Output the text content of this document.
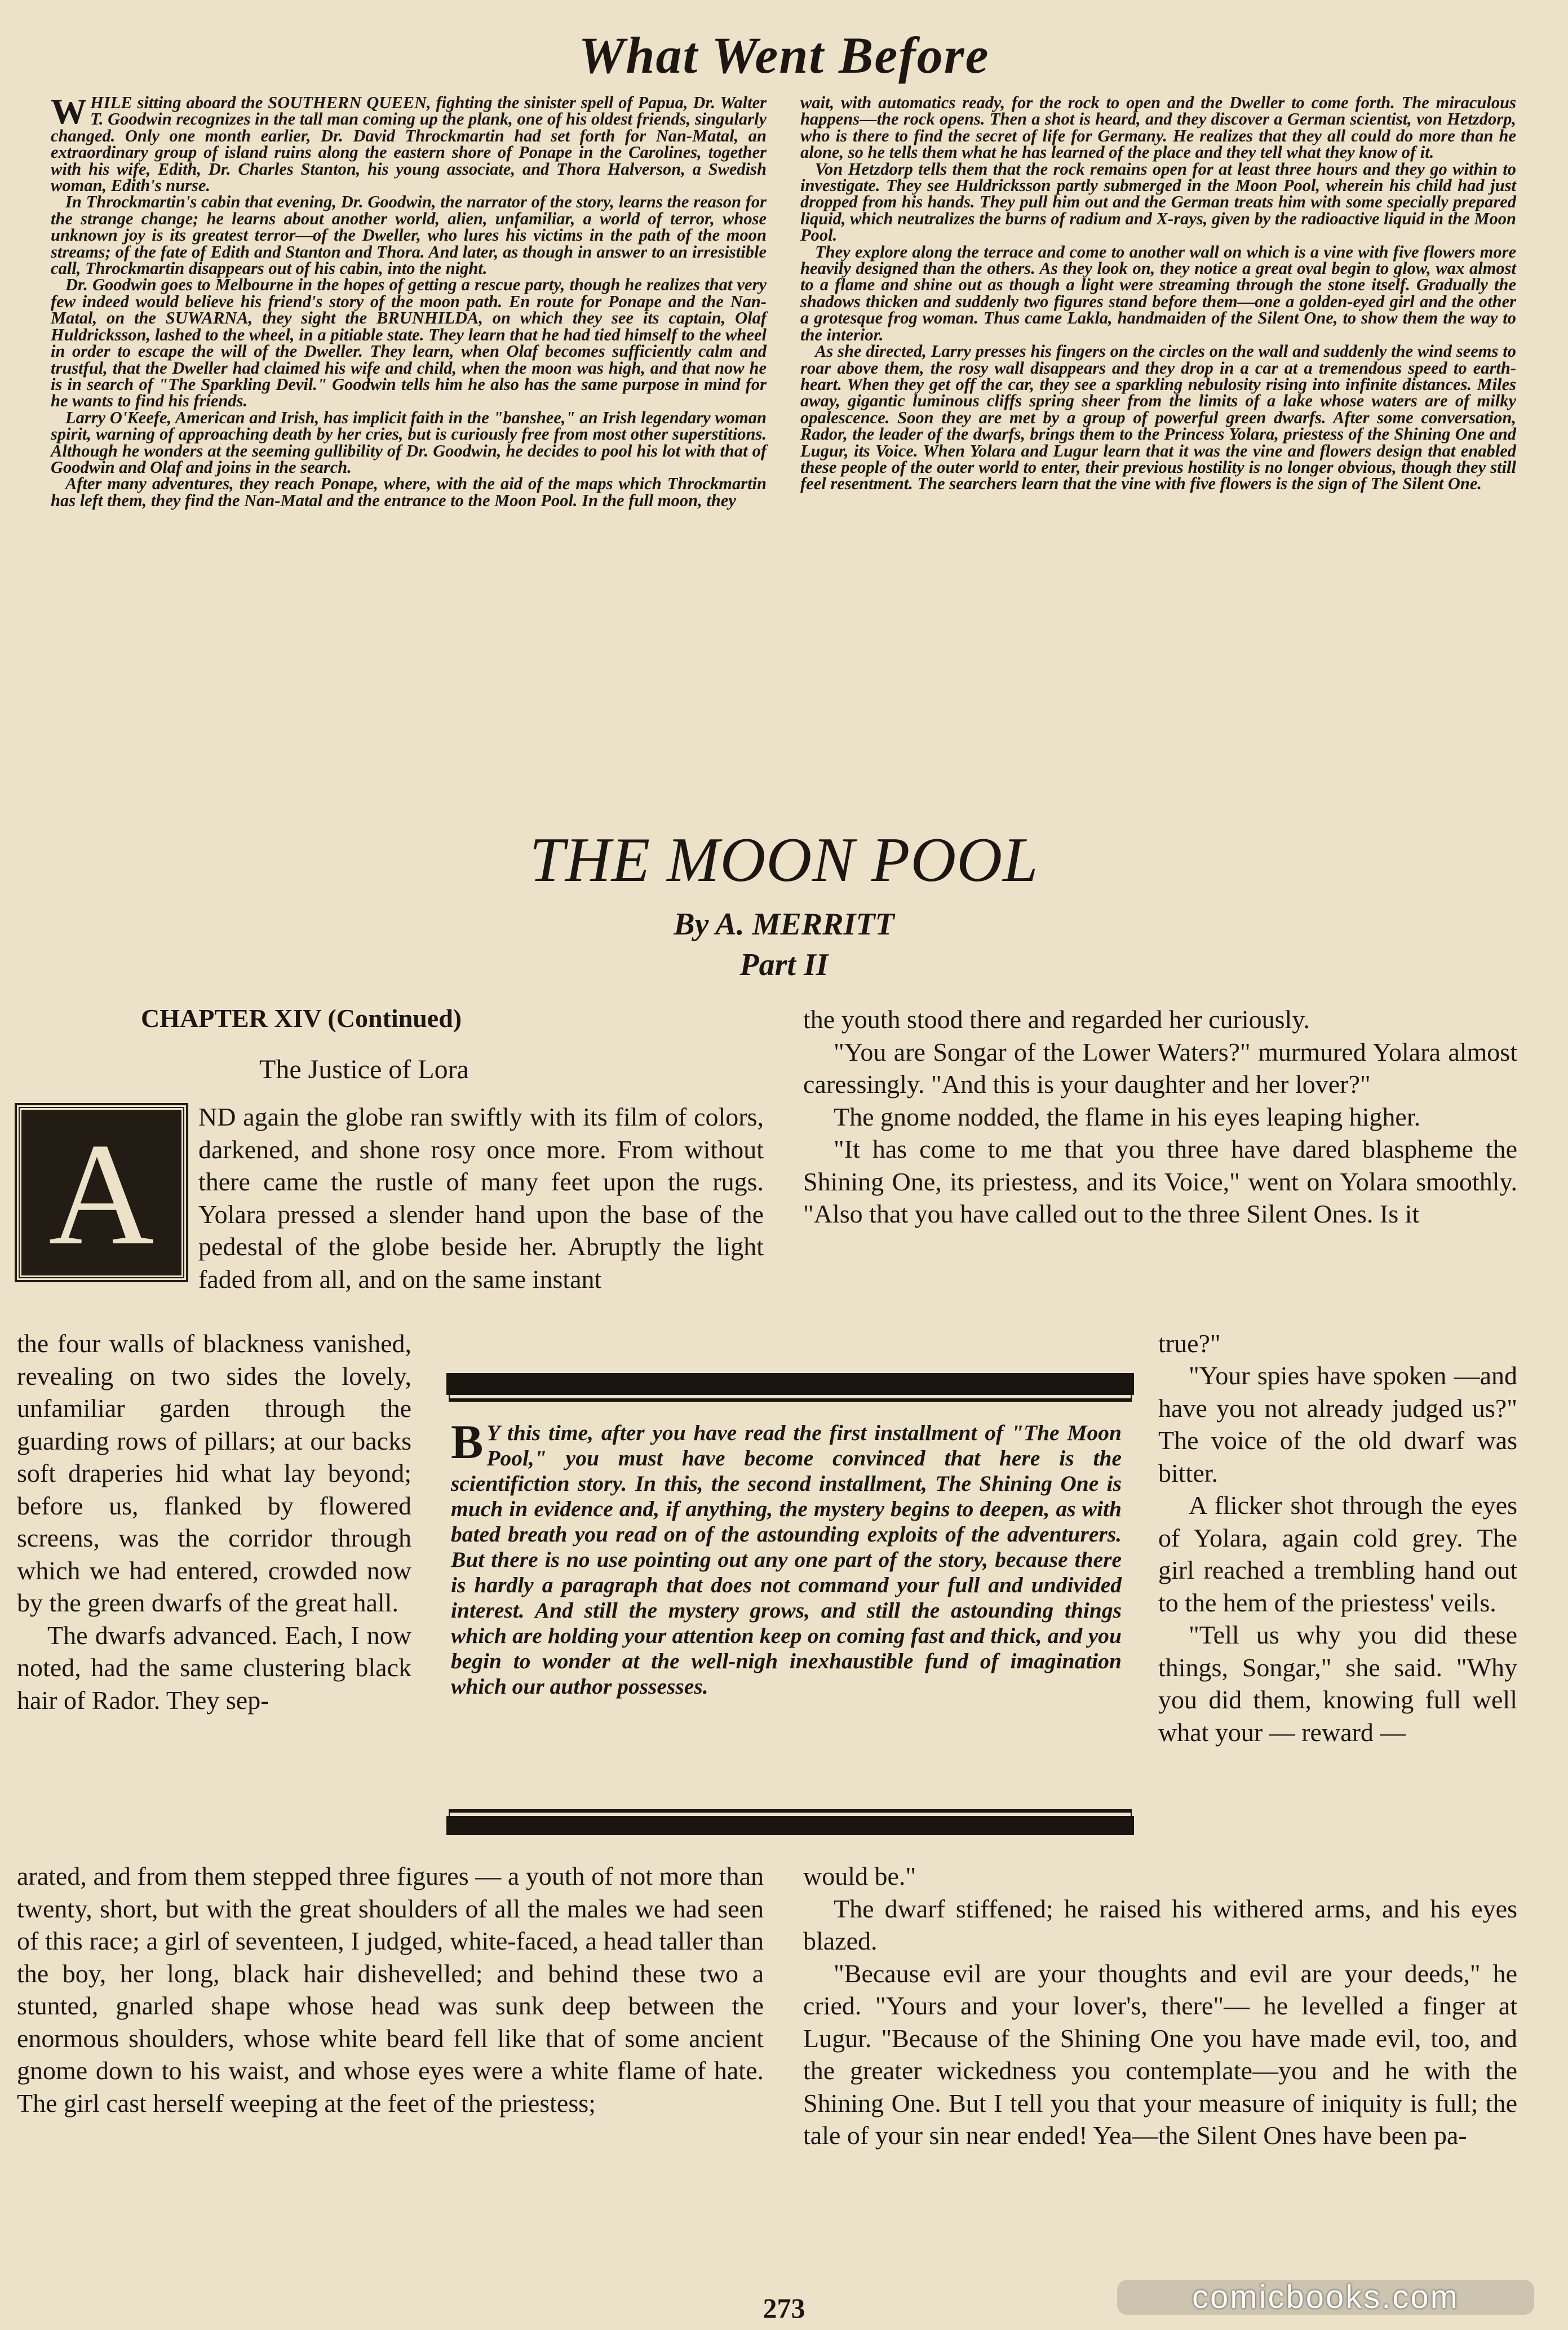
What Went Before

WHILE sitting aboard the SOUTHERN QUEEN, fighting the sinister spell of Papua, Dr. Walter T. Goodwin recognizes in the tall man coming up the plank, one of his oldest friends, singularly changed. Only one month earlier, Dr. David Throckmartin had set forth for Nan-Matal, an extraordinary group of island ruins along the eastern shore of Ponape in the Carolines, together with his wife, Edith, Dr. Charles Stanton, his young associate, and Thora Halverson, a Swedish woman, Edith's nurse.

In Throckmartin's cabin that evening, Dr. Goodwin, the narrator of the story, learns the reason for the strange change; he learns about another world, alien, unfamiliar, a world of terror, whose unknown joy is its greatest terror—of the Dweller, who lures his victims in the path of the moon streams; of the fate of Edith and Stanton and Thora. And later, as though in answer to an irresistible call, Throckmartin disappears out of his cabin, into the night.

Dr. Goodwin goes to Melbourne in the hopes of getting a rescue party, though he realizes that very few indeed would believe his friend's story of the moon path. En route for Ponape and the Nan-Matal, on the SUWARNA, they sight the BRUNHILDA, on which they see its captain, Olaf Huldricksson, lashed to the wheel, in a pitiable state. They learn that he had tied himself to the wheel in order to escape the will of the Dweller. They learn, when Olaf becomes sufficiently calm and trustful, that the Dweller had claimed his wife and child, when the moon was high, and that now he is in search of "The Sparkling Devil." Goodwin tells him he also has the same purpose in mind for he wants to find his friends.

Larry O'Keefe, American and Irish, has implicit faith in the "banshee," an Irish legendary woman spirit, warning of approaching death by her cries, but is curiously free from most other superstitions. Although he wonders at the seeming gullibility of Dr. Goodwin, he decides to pool his lot with that of Goodwin and Olaf and joins in the search.

After many adventures, they reach Ponape, where, with the aid of the maps which Throckmartin has left them, they find the Nan-Matal and the entrance to the Moon Pool. In the full moon, they

wait, with automatics ready, for the rock to open and the Dweller to come forth. The miraculous happens—the rock opens. Then a shot is heard, and they discover a German scientist, von Hetzdorp, who is there to find the secret of life for Germany. He realizes that they all could do more than he alone, so he tells them what he has learned of the place and they tell what they know of it.

Von Hetzdorp tells them that the rock remains open for at least three hours and they go within to investigate. They see Huldricksson partly submerged in the Moon Pool, wherein his child had just dropped from his hands. They pull him out and the German treats him with some specially prepared liquid, which neutralizes the burns of radium and X-rays, given by the radioactive liquid in the Moon Pool.

They explore along the terrace and come to another wall on which is a vine with five flowers more heavily designed than the others. As they look on, they notice a great oval begin to glow, wax almost to a flame and shine out as though a light were streaming through the stone itself. Gradually the shadows thicken and suddenly two figures stand before them—one a golden-eyed girl and the other a grotesque frog woman. Thus came Lakla, handmaiden of the Silent One, to show them the way to the interior.

As she directed, Larry presses his fingers on the circles on the wall and suddenly the wind seems to roar above them, the rosy wall disappears and they drop in a car at a tremendous speed to earth-heart. When they get off the car, they see a sparkling nebulosity rising into infinite distances. Miles away, gigantic luminous cliffs spring sheer from the limits of a lake whose waters are of milky opalescence. Soon they are met by a group of powerful green dwarfs. After some conversation, Rador, the leader of the dwarfs, brings them to the Princess Yolara, priestess of the Shining One and Lugur, its Voice. When Yolara and Lugur learn that it was the vine and flowers design that enabled these people of the outer world to enter, their previous hostility is no longer obvious, though they still feel resentment. The searchers learn that the vine with five flowers is the sign of The Silent One.

THE MOON POOL

By A. MERRITT

Part II

CHAPTER XIV (Continued)

The Justice of Lora

A	ND again the globe ran swiftly with its film of colors, darkened, and shone rosy once more. From without there came the rustle of many feet upon the rugs. Yolara pressed a slender hand upon the base of the pedestal of the globe beside her. Abruptly the light faded from all, and on the same instant

the four walls of blackness vanished, revealing on two sides the lovely, unfamiliar garden through the guarding rows of pillars; at our backs soft draperies hid what lay beyond; before us, flanked by flowered screens, was the corridor through which we had entered, crowded now by the green dwarfs of the great hall.

The dwarfs advanced. Each, I now noted, had the same clustering black hair of Rador. They sep-

arated, and from them stepped three figures — a youth of not more than twenty, short, but with the great shoulders of all the males we had seen of this race; a girl of seventeen, I judged, white-faced, a head taller than the boy, her long, black hair dishevelled; and behind these two a stunted, gnarled shape whose head was sunk deep between the enormous shoulders, whose white beard fell like that of some ancient gnome down to his waist, and whose eyes were a white flame of hate. The girl cast herself weeping at the feet of the priestess;

the youth stood there and regarded her curiously.

"You are Songar of the Lower Waters?" murmured Yolara almost caressingly. "And this is your daughter and her lover?"

The gnome nodded, the flame in his eyes leaping higher.

"It has come to me that you three have dared blaspheme the Shining One, its priestess, and its Voice," went on Yolara smoothly. "Also that you have called out to the three Silent Ones. Is it

true?"

B Y this time, after you have read the first installment of "The Moon Pool," you must have become convinced that here is the scientifiction story. In this, the second installment, The Shining One is much in evidence and, if anything, the mystery begins to deepen, as with bated breath you read on of the astounding exploits of the adventurers. But there is no use pointing out any one part of the story, because there is hardly a paragraph that does not command your full and undivided interest. And still the mystery grows, and still the astounding things which are holding your attention keep on coming fast and thick, and you begin to wonder at the well-nigh inexhaustible fund of imagination which our author possesses.

"Your spies have spoken —and have you not already judged us?" The voice of the old dwarf was bitter.

A flicker shot through the eyes of Yolara, again cold grey. The girl reached a trembling hand out to the hem of the priestess' veils.

"Tell us why you did these things, Songar," she said. "Why you did them, knowing full well what your — reward —

would be."

The dwarf stiffened; he raised his withered arms, and his eyes blazed.

"Because evil are your thoughts and evil are your deeds," he cried. "Yours and your lover's, there"— he levelled a finger at Lugur. "Because of the Shining One you have made evil, too, and the greater wickedness you contemplate—you and he with the Shining One. But I tell you that your measure of iniquity is full; the tale of your sin near ended! Yea—the Silent Ones have been pa-

273	comicbooks.com
